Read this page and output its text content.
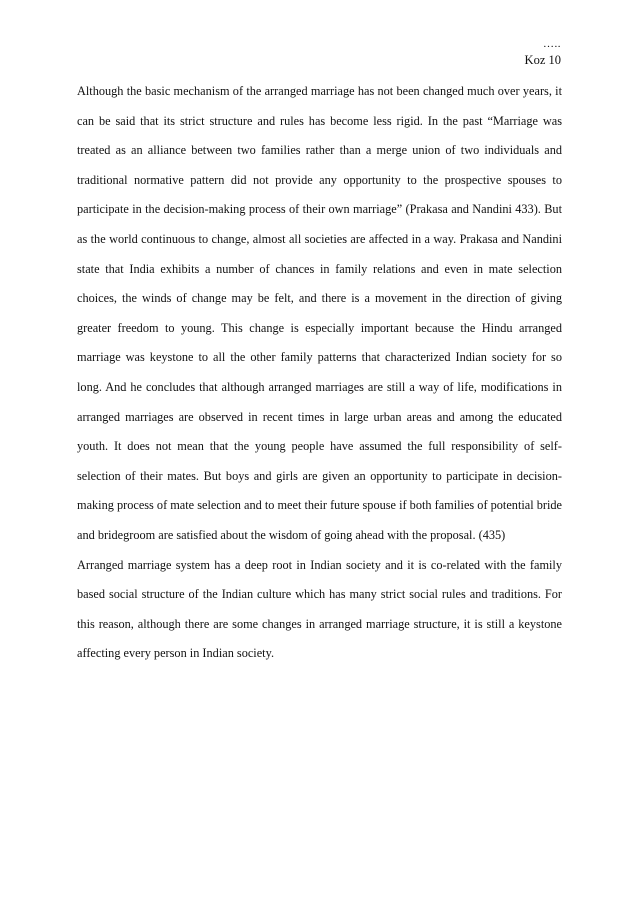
…..
Koz 10

Although the basic mechanism of the arranged marriage has not been changed much over years, it can be said that its strict structure and rules has become less rigid. In the past “Marriage was treated as an alliance between two families rather than a merge union of two individuals and traditional normative pattern did not provide any opportunity to the prospective spouses to participate in the decision-making process of their own marriage” (Prakasa and Nandini 433). But as the world continuous to change, almost all societies are affected in a way. Prakasa and Nandini state that India exhibits a number of chances in family relations and even in mate selection choices, the winds of change may be felt, and there is a movement in the direction of giving greater freedom to young. This change is especially important because the Hindu arranged marriage was keystone to all the other family patterns that characterized Indian society for so long. And he concludes that although arranged marriages are still a way of life, modifications in arranged marriages are observed in recent times in large urban areas and among the educated youth. It does not mean that the young people have assumed the full responsibility of self-selection of their mates. But boys and girls are given an opportunity to participate in decision-making process of mate selection and to meet their future spouse if both families of potential bride and bridegroom are satisfied about the wisdom of going ahead with the proposal. (435)

Arranged marriage system has a deep root in Indian society and it is co-related with the family based social structure of the Indian culture which has many strict social rules and traditions. For this reason, although there are some changes in arranged marriage structure, it is still a keystone affecting every person in Indian society.
